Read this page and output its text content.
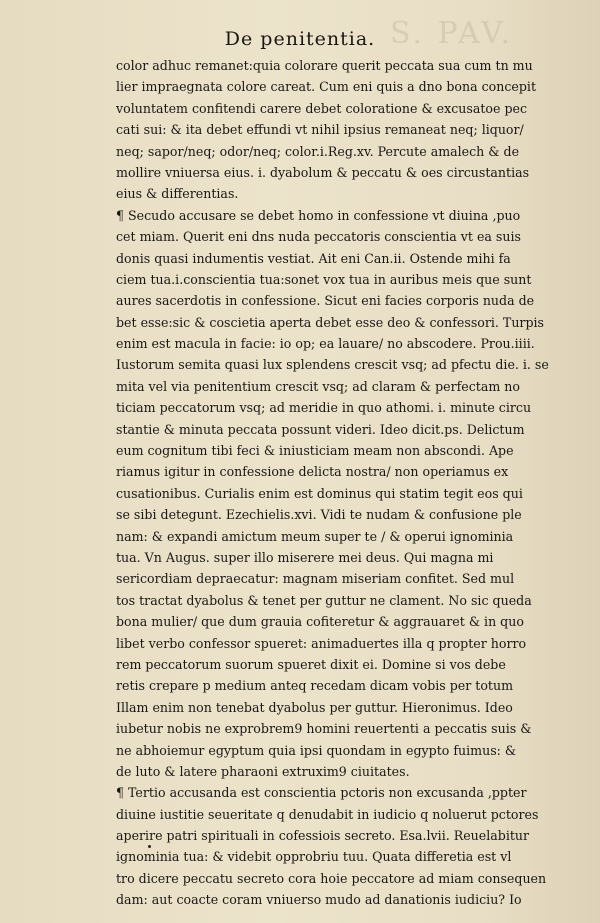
S. PAV.
De penitentia.
color adhuc remanet:quia colorare querit peccata sua cum tn mu
lier impraegnata colore careat. Cum eni quis a dno bona concepit
voluntatem confitendi carere debet coloratione & excusatoe pec
cati sui: & ita debet effundi vt nihil ipsius remaneat neq; liquor/
neq; sapor/neq; odor/neq; color.i.Reg.xv. Percute amalech & de
mollire vniuersa eius. i. dyabolum & peccatu & oes circustantias
eius & differentias.
¶ Secudo accusare se debet homo in confessione vt diuina ,puo
cet miam. Querit eni dns nuda peccatoris conscientia vt ea suis
donis quasi indumentis vestiat. Ait eni Can.ii. Ostende mihi fa
ciem tua.i.conscientia tua:sonet vox tua in auribus meis que sunt
aures sacerdotis in confessione. Sicut eni facies corporis nuda de
bet esse:sic & coscietia aperta debet esse deo & confessori. Turpis
enim est macula in facie: io op; ea lauare/ no abscodere. Prou.iiii.
Iustorum semita quasi lux splendens crescit vsq; ad pfectu die. i. se
mita vel via penitentium crescit vsq; ad claram & perfectam no
ticiam peccatorum vsq; ad meridie in quo athomi. i. minute circu
stantie & minuta peccata possunt videri. Ideo dicit.ps. Delictum
eum cognitum tibi feci & iniusticiam meam non abscondi. Ape
riamus igitur in confessione delicta nostra/ non operiamus ex
cusationibus. Curialis enim est dominus qui statim tegit eos qui
se sibi detegunt. Ezechielis.xvi. Vidi te nudam & confusione ple
nam: & expandi amictum meum super te / & operui ignominia
tua. Vn Augus. super illo miserere mei deus. Qui magna mi
sericordiam depraecatur: magnam miseriam confitet. Sed mul
tos tractat dyabolus & tenet per guttur ne clament. No sic queda
bona mulier/ que dum grauia cofiteretur & aggrauaret & in quo
libet verbo confessor spueret: animaduertes illa q propter horro
rem peccatorum suorum spueret dixit ei. Domine si vos debe
retis crepare p medium anteq recedam dicam vobis per totum
Illam enim non tenebat dyabolus per guttur. Hieronimus. Ideo
iubetur nobis ne exprobrem9 homini reuertenti a peccatis suis &
ne abhoiemur egyptum quia ipsi quondam in egypto fuimus: &
de luto & latere pharaoni extruxim9 ciuitates.
¶ Tertio accusanda est conscientia pctoris non excusanda ,ppter
diuine iustitie seueritate q denudabit in iudicio q noluerut pctores
aperire patri spirituali in cofessiois secreto. Esa.lvii. Reuelabitur
ignominia tua: & videbit opprobriu tuu. Quata differetia est vl
tro dicere peccatu secreto cora hoie peccatore ad miam consequen
dam: aut coacte coram vniuerso mudo ad danationis iudiciu? Io
